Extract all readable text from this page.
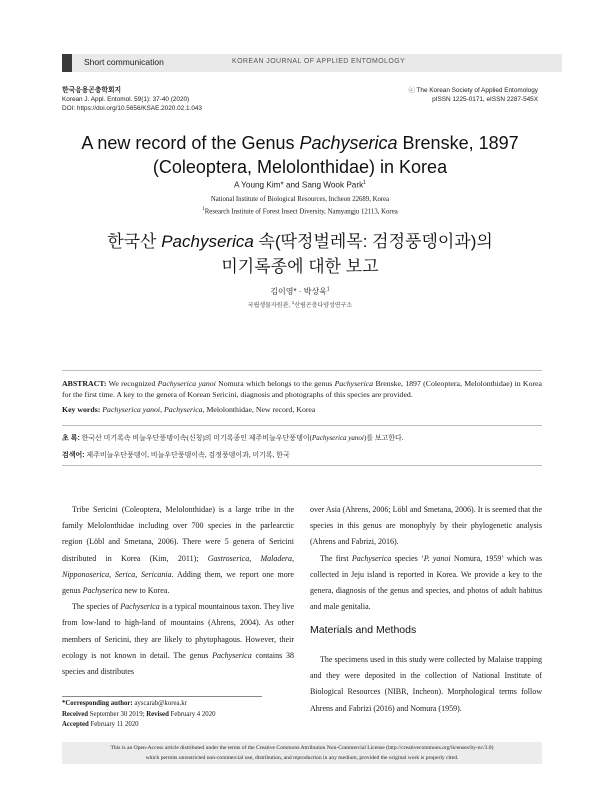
Short communication	KOREAN JOURNAL OF APPLIED ENTOMOLOGY
한국응용곤충학회지
Korean J. Appl. Entomol. 59(1): 37-40 (2020)
DOI: https://doi.org/10.5656/KSAE.2020.02.1.043
ⓒ The Korean Society of Applied Entomology
pISSN 1225-0171, eISSN 2287-545X
A new record of the Genus Pachyserica Brenske, 1897
(Coleoptera, Melolonthidae) in Korea
A Young Kim* and Sang Wook Park$^1$
National Institute of Biological Resources, Incheon 22689, Korea
$^1$Research Institute of Forest Insect Diversity, Namyangju 12113, Korea
한국산 Pachyserica 속(딱정벌레목: 검정풍뎅이과)의
미기록종에 대한 보고
김이영* · 박상욱$^1$
국립생물자원관, $^1$산림곤충다양성연구소
ABSTRACT: We recognized Pachyserica yanoi Nomura which belongs to the genus Pachyserica Brenske, 1897 (Coleoptera, Melolonthidae) in Korea for the first time. A key to the genera of Korean Sericini, diagnosis and photographs of this species are provided.
Key words: Pachyserica yanoi, Pachyserica, Melolonthidae, New record, Korea
초 록: 한국산 미기록속 비늘우단풍뎅이속(신칭)의 미기록종인 제주비늘우단풍뎅이(Pachyserica yanoi)를 보고한다.
검색어: 제주비늘우단풍뎅이, 비늘우단풍뎅이속, 검정풍뎅이과, 미기록, 한국

Tribe Sericini (Coleoptera, Melolonthidae) is a large tribe in the family Melolonthidae including over 700 species in the parlearctic region (Löbl and Smetana, 2006). There were 5 genera of Sericini distributed in Korea (Kim, 2011); Gastroserica, Maladera, Nipponoserica, Serica, Sericania. Adding them, we report one more genus Pachyserica new to Korea.

The species of Pachyserica is a typical mountainous taxon. They live from low-land to high-land of mountains (Ahrens, 2004). As other members of Sericini, they are likely to phytophagous. However, their ecology is not known in detail. The genus Pachyserica contains 38 species and distributes

over Asia (Ahrens, 2006; Löbl and Smetana, 2006). It is seemed that the species in this genus are monophyly by their phylogenetic analysis (Ahrens and Fabrizi, 2016).

The first Pachyserica species ‘P. yanoi Nomura, 1959’ which was collected in Jeju island is reported in Korea. We provide a key to the genera, diagnosis of the genus and species, and photos of adult habitus and male genitalia.

Materials and Methods

The specimens used in this study were collected by Malaise trapping and they were deposited in the collection of National Institute of Biological Resources (NIBR, Incheon). Morphological terms follow Ahrens and Fabrizi (2016) and Nomura (1959).

*Corresponding author: ayscarab@korea.kr
Received September 30 2019; Revised February 4 2020
Accepted February 11 2020
This is an Open-Access article distributed under the terms of the Creative Commons Attribution Non-Commercial License (http://creativecommons.org/licenses/by-nc/3.0)
which permits unrestricted non-commercial use, distribution, and reproduction in any medium, provided the original work is properly cited.
